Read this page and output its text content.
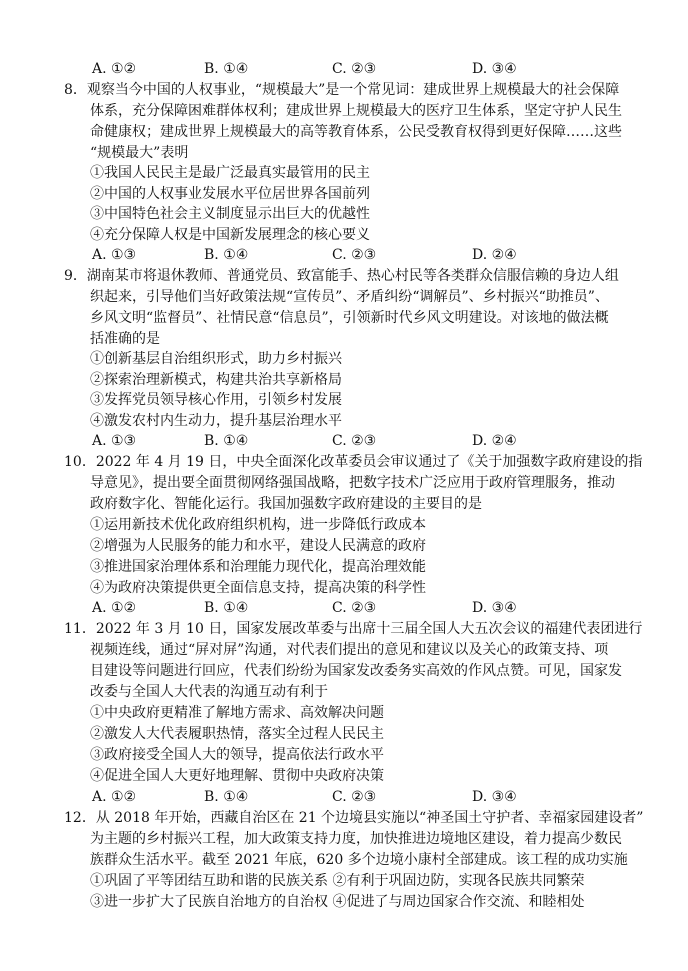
A. ①②	B. ①④	C. ②③	D. ③④
8．观察当今中国的人权事业，“规模最大”是一个常见词：建成世界上规模最大的社会保障
体系，充分保障困难群体权利；建成世界上规模最大的医疗卫生体系，坚定守护人民生
命健康权；建成世界上规模最大的高等教育体系，公民受教育权得到更好保障……这些
“规模最大”表明
①我国人民民主是最广泛最真实最管用的民主
②中国的人权事业发展水平位居世界各国前列
③中国特色社会主义制度显示出巨大的优越性
④充分保障人权是中国新发展理念的核心要义
A. ①③	B. ①④	C. ②③	D. ②④
9．湖南某市将退休教师、普通党员、致富能手、热心村民等各类群众信服信赖的身边人组
织起来，引导他们当好政策法规“宣传员”、矛盾纠纷“调解员”、乡村振兴“助推员”、
乡风文明“监督员”、社情民意“信息员”，引领新时代乡风文明建设。对该地的做法概
括准确的是
①创新基层自治组织形式，助力乡村振兴
②探索治理新模式，构建共治共享新格局
③发挥党员领导核心作用，引领乡村发展
④激发农村内生动力，提升基层治理水平
A. ①③	B. ①④	C. ②③	D. ②④
10．2022 年 4 月 19 日，中央全面深化改革委员会审议通过了《关于加强数字政府建设的指
导意见》，提出要全面贯彻网络强国战略，把数字技术广泛应用于政府管理服务，推动
政府数字化、智能化运行。我国加强数字政府建设的主要目的是
①运用新技术优化政府组织机构，进一步降低行政成本
②增强为人民服务的能力和水平，建设人民满意的政府
③推进国家治理体系和治理能力现代化，提高治理效能
④为政府决策提供更全面信息支持，提高决策的科学性
A. ①②	B. ①④	C. ②③	D. ③④
11．2022 年 3 月 10 日，国家发展改革委与出席十三届全国人大五次会议的福建代表团进行
视频连线，通过“屏对屏”沟通，对代表们提出的意见和建议以及关心的政策支持、项
目建设等问题进行回应，代表们纷纷为国家发改委务实高效的作风点赞。可见，国家发
改委与全国人大代表的沟通互动有利于
①中央政府更精准了解地方需求、高效解决问题
②激发人大代表履职热情，落实全过程人民民主
③政府接受全国人大的领导，提高依法行政水平
④促进全国人大更好地理解、贯彻中央政府决策
A. ①②	B. ①④	C. ②③	D. ③④
12．从 2018 年开始，西藏自治区在 21 个边境县实施以“神圣国土守护者、幸福家园建设者”
为主题的乡村振兴工程，加大政策支持力度，加快推进边境地区建设，着力提高少数民
族群众生活水平。截至 2021 年底，620 多个边境小康村全部建成。该工程的成功实施
①巩固了平等团结互助和谐的民族关系 ②有利于巩固边防，实现各民族共同繁荣
③进一步扩大了民族自治地方的自治权 ④促进了与周边国家合作交流、和睦相处
